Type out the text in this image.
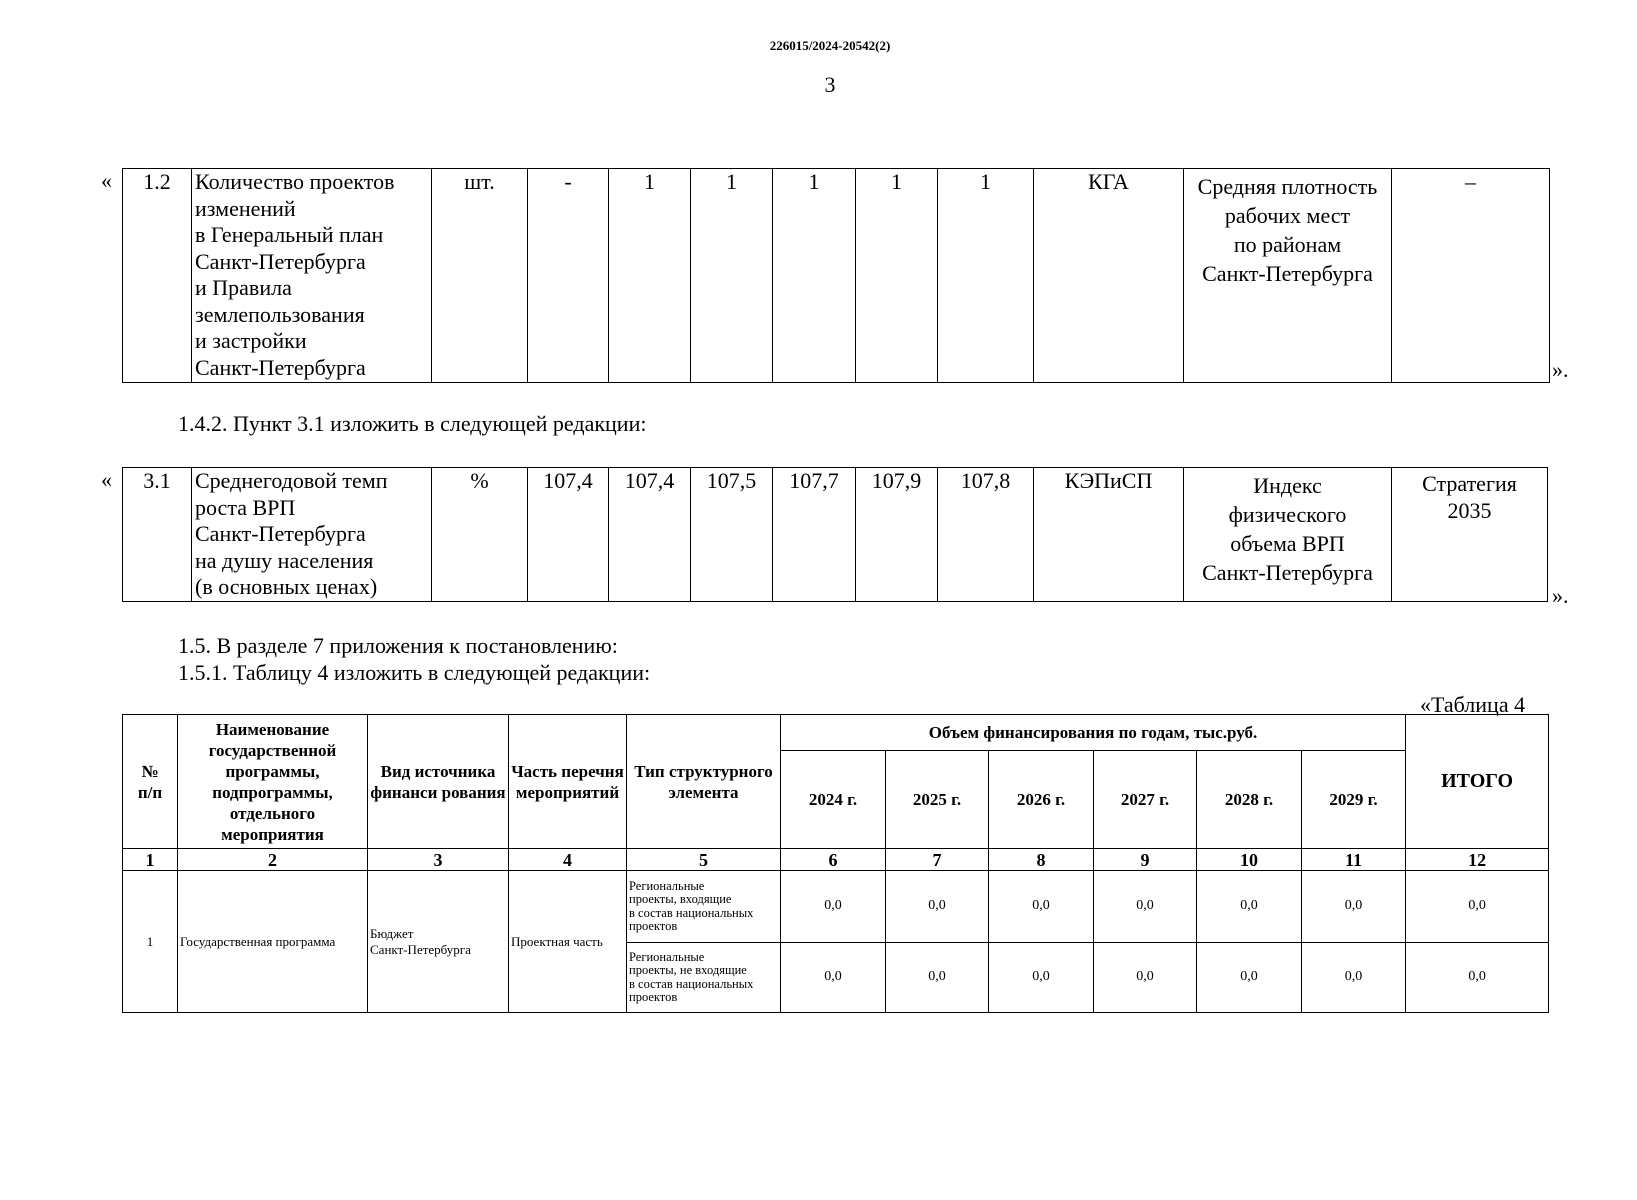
226015/2024-20542(2)
3
« 1.2	Количество проектов
изменений
в Генеральный план
Санкт-Петербурга
и Правила
землепользования
и застройки
Санкт-Петербурга	шт.	-	1	1	1	1	1	КГА	Средняя плотность
рабочих мест
по районам
Санкт-Петербурга	–
».
1.4.2. Пункт 3.1 изложить в следующей редакции:
« 3.1	Среднегодовой темп
роста ВРП
Санкт-Петербурга
на душу населения
(в основных ценах)	%	107,4	107,4	107,5	107,7	107,9	107,8	КЭПиСП	Индекс
физического
объема ВРП
Санкт-Петербурга	Стратегия
2035
».
1.5. В разделе 7 приложения к постановлению:
1.5.1. Таблицу 4 изложить в следующей редакции:
«Таблица 4
№
п/п	Наименование государственной программы, подпрограммы, отдельного мероприятия	Вид источника финанси рования	Часть перечня мероприятий	Тип структурного элемента	Объем финансирования по годам, тыс.руб.						ИТОГО
					2024 г.	2025 г.	2026 г.	2027 г.	2028 г.	2029 г.	
1	2	3	4	5	6	7	8	9	10	11	12
1	Государственная программа	Бюджет
Санкт-Петербурга	Проектная часть	Региональные
проекты, входящие
в состав национальных
проектов	0,0	0,0	0,0	0,0	0,0	0,0	0,0
				Региональные
проекты, не входящие
в состав национальных
проектов	0,0	0,0	0,0	0,0	0,0	0,0	0,0
